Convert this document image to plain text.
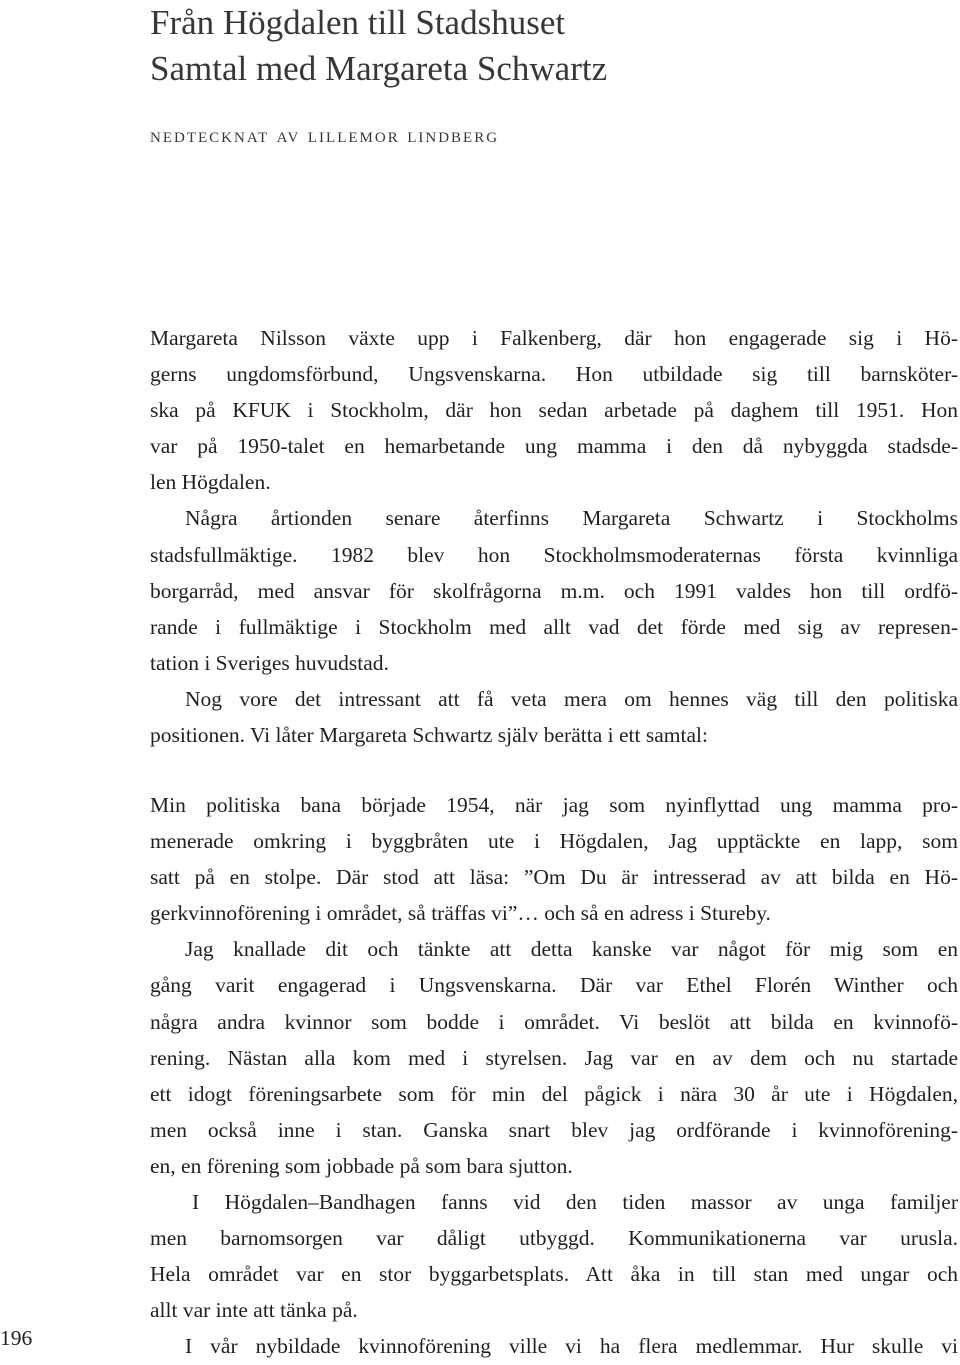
Från Högdalen till Stadshuset
Samtal med Margareta Schwartz
nedtecknat av lillemor lindberg

Margareta Nilsson växte upp i Falkenberg, där hon engagerade sig i Hö-
gerns ungdomsförbund, Ungsvenskarna. Hon utbildade sig till barnsköter-
ska på KFUK i Stockholm, där hon sedan arbetade på daghem till 1951. Hon
var på 1950-talet en hemarbetande ung mamma i den då nybyggda stadsde-
len Högdalen.

Några årtionden senare återfinns Margareta Schwartz i Stockholms

stadsfullmäktige. 1982 blev hon Stockholmsmoderaternas första kvinnliga
borgarråd, med ansvar för skolfrågorna m.m. och 1991 valdes hon till ordfö-
rande i fullmäktige i Stockholm med allt vad det förde med sig av represen-
tation i Sveriges huvudstad.

Nog vore det intressant att få veta mera om hennes väg till den politiska

positionen. Vi låter Margareta Schwartz själv berätta i ett samtal:

Min politiska bana började 1954, när jag som nyinflyttad ung mamma pro-
menerade omkring i byggbråten ute i Högdalen, Jag upptäckte en lapp, som
satt på en stolpe. Där stod att läsa: ”Om Du är intresserad av att bilda en Hö-
gerkvinnoförening i området, så träffas vi”… och så en adress i Stureby.

Jag knallade dit och tänkte att detta kanske var något för mig som en

gång varit engagerad i Ungsvenskarna. Där var Ethel Florén Winther och
några andra kvinnor som bodde i området. Vi beslöt att bilda en kvinnofö-
rening. Nästan alla kom med i styrelsen. Jag var en av dem och nu startade
ett idogt föreningsarbete som för min del pågick i nära 30 år ute i Högdalen,
men också inne i stan. Ganska snart blev jag ordförande i kvinnoförening-
en, en förening som jobbade på som bara sjutton.

I Högdalen–Bandhagen fanns vid den tiden massor av unga familjer

men barnomsorgen var dåligt utbyggd. Kommunikationerna var urusla.
Hela området var en stor byggarbetsplats. Att åka in till stan med ungar och
allt var inte att tänka på.

I vår nybildade kvinnoförening ville vi ha flera medlemmar. Hur skulle vi

196
